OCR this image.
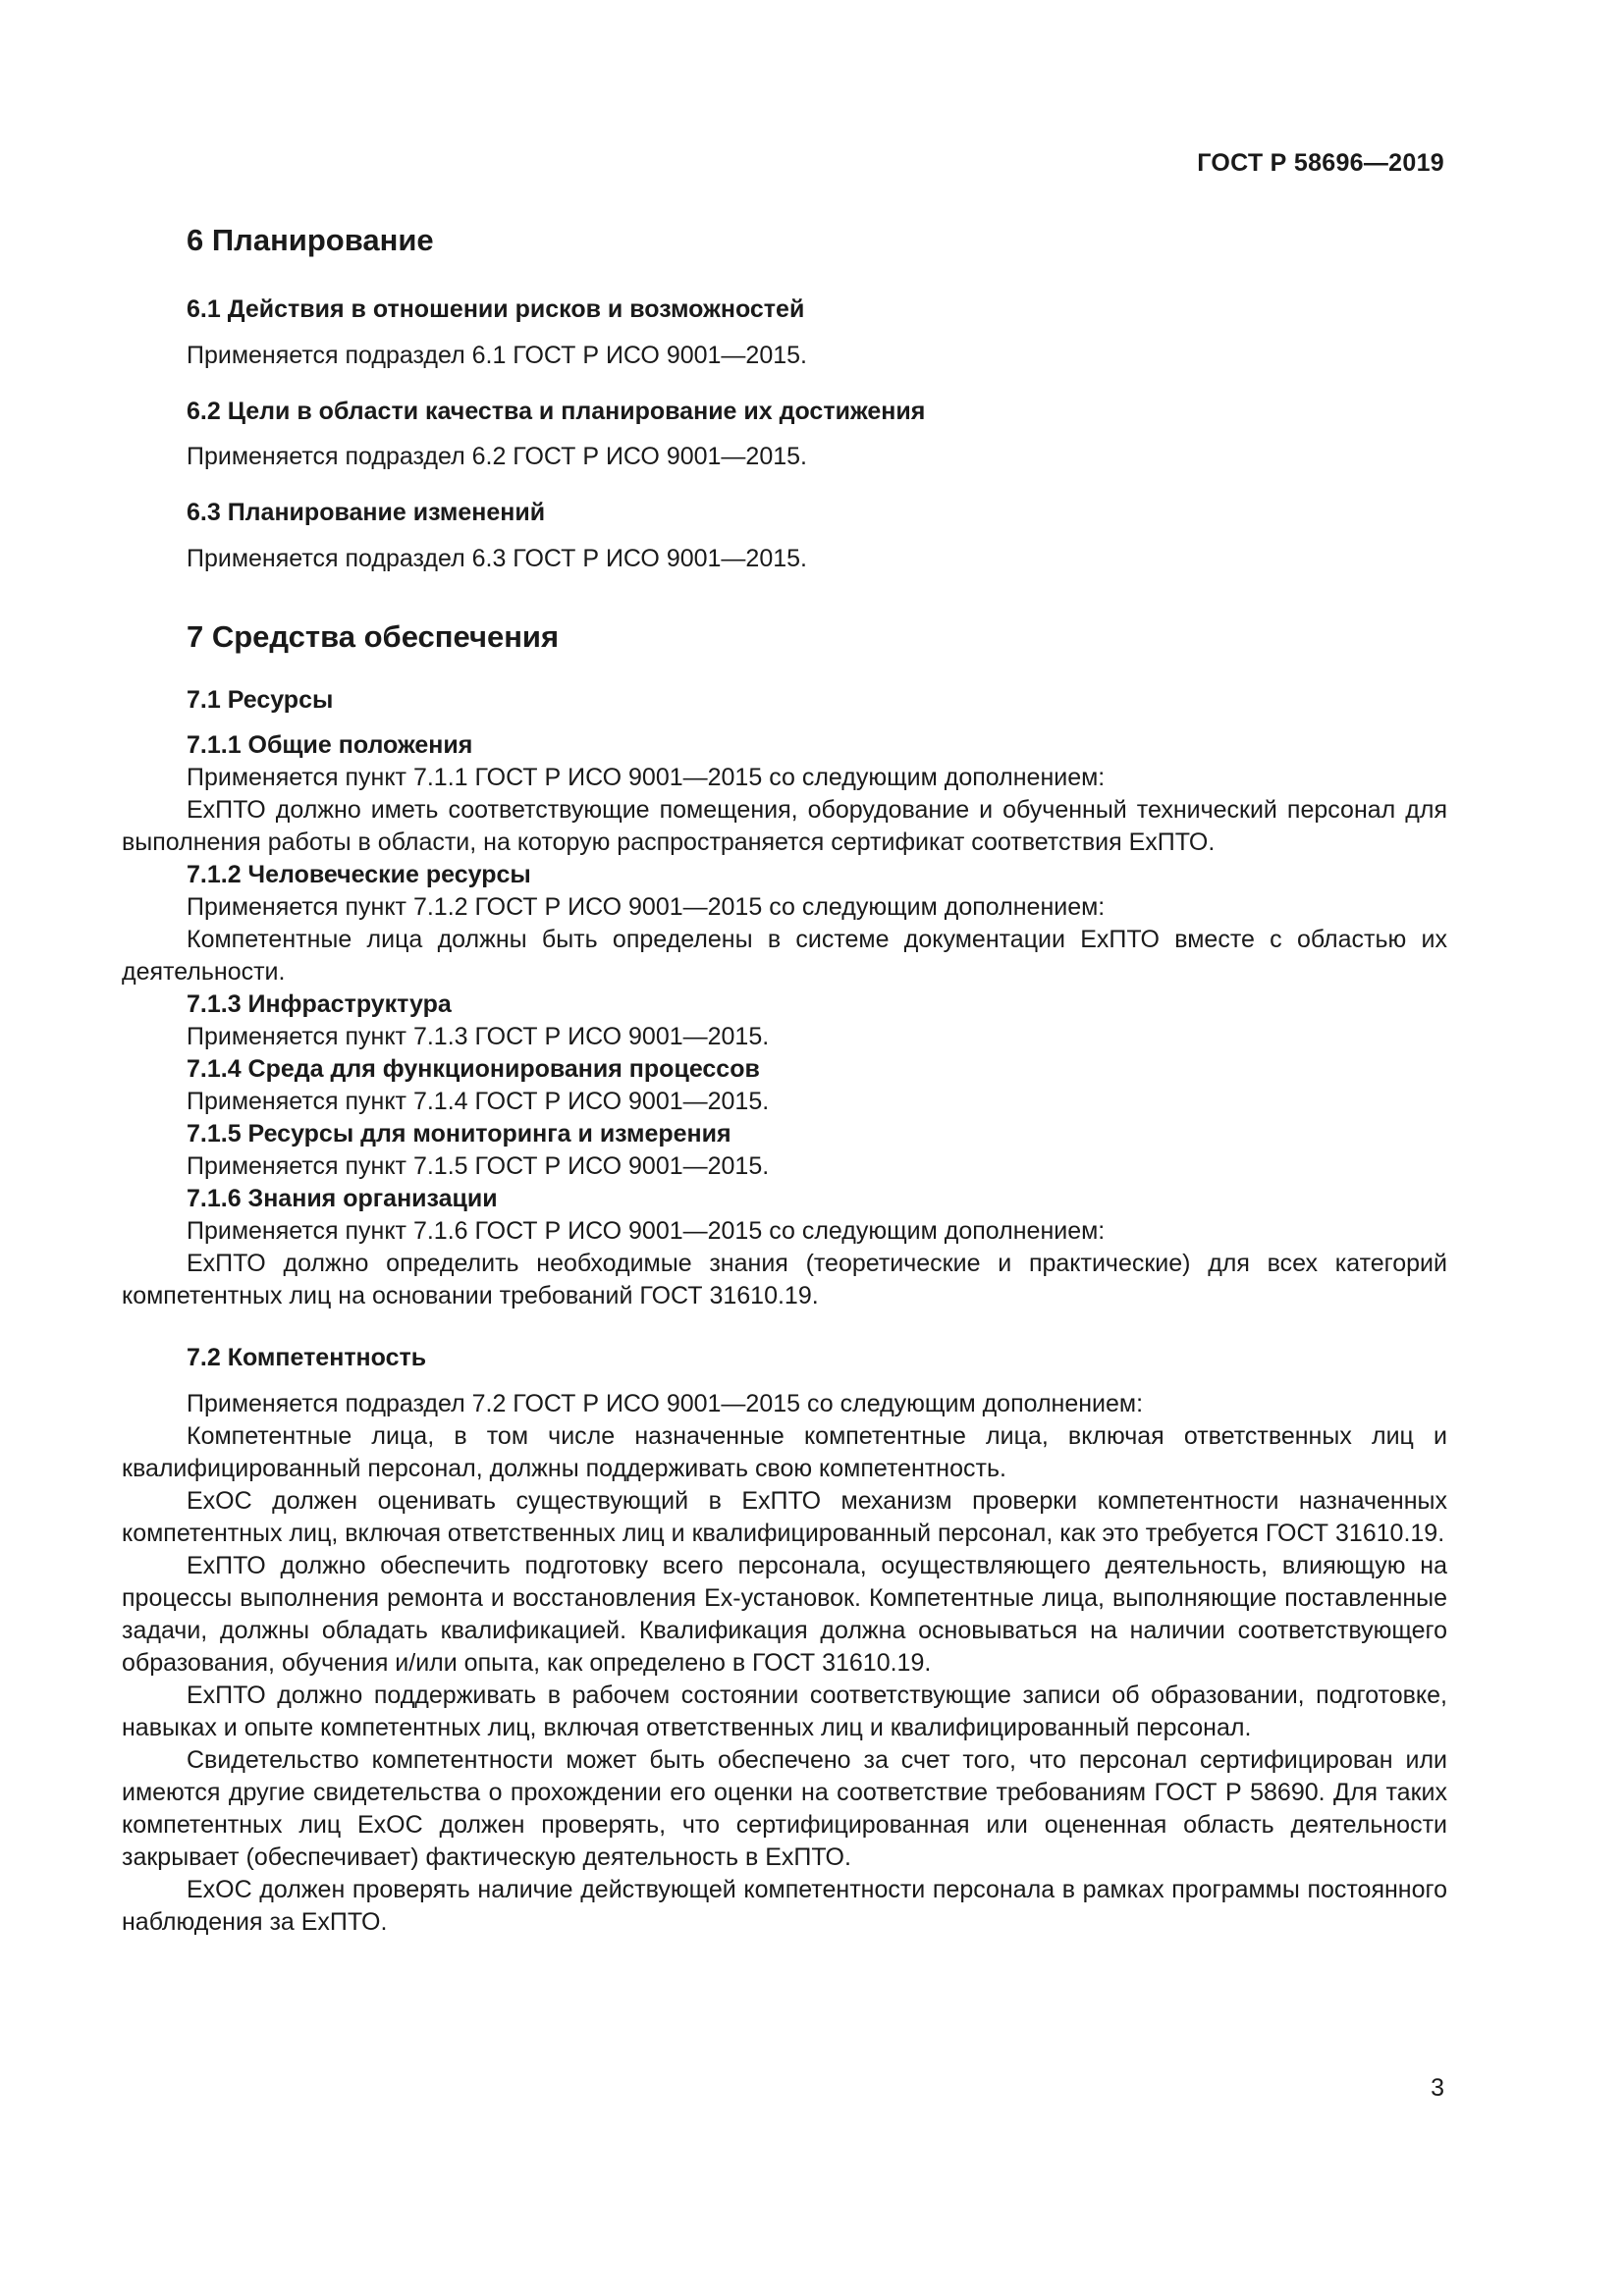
ГОСТ Р 58696—2019
6 Планирование
6.1 Действия в отношении рисков и возможностей

Применяется подраздел 6.1 ГОСТ Р ИСО 9001—2015.

6.2 Цели в области качества и планирование их достижения

Применяется подраздел 6.2 ГОСТ Р ИСО 9001—2015.

6.3 Планирование изменений

Применяется подраздел 6.3 ГОСТ Р ИСО 9001—2015.

7 Средства обеспечения
7.1 Ресурсы
7.1.1 Общие положения

Применяется пункт 7.1.1 ГОСТ Р ИСО 9001—2015 со следующим дополнением:

ExПТО должно иметь соответствующие помещения, оборудование и обученный технический персонал для выполнения работы в области, на которую распространяется сертификат соответствия ExПТО.

7.1.2 Человеческие ресурсы

Применяется пункт 7.1.2 ГОСТ Р ИСО 9001—2015 со следующим дополнением:

Компетентные лица должны быть определены в системе документации ExПТО вместе с областью их деятельности.

7.1.3 Инфраструктура

Применяется пункт 7.1.3 ГОСТ Р ИСО 9001—2015.

7.1.4 Среда для функционирования процессов

Применяется пункт 7.1.4 ГОСТ Р ИСО 9001—2015.

7.1.5 Ресурсы для мониторинга и измерения

Применяется пункт 7.1.5 ГОСТ Р ИСО 9001—2015.

7.1.6 Знания организации

Применяется пункт 7.1.6 ГОСТ Р ИСО 9001—2015 со следующим дополнением:

ExПТО должно определить необходимые знания (теоретические и практические) для всех категорий компетентных лиц на основании требований ГОСТ 31610.19.

7.2 Компетентность

Применяется подраздел 7.2 ГОСТ Р ИСО 9001—2015 со следующим дополнением:

Компетентные лица, в том числе назначенные компетентные лица, включая ответственных лиц и квалифицированный персонал, должны поддерживать свою компетентность.

ExОС должен оценивать существующий в ExПТО механизм проверки компетентности назначенных компетентных лиц, включая ответственных лиц и квалифицированный персонал, как это требуется ГОСТ 31610.19.

ExПТО должно обеспечить подготовку всего персонала, осуществляющего деятельность, влияющую на процессы выполнения ремонта и восстановления Ex-установок. Компетентные лица, выполняющие поставленные задачи, должны обладать квалификацией. Квалификация должна основываться на наличии соответствующего образования, обучения и/или опыта, как определено в ГОСТ 31610.19.

ExПТО должно поддерживать в рабочем состоянии соответствующие записи об образовании, подготовке, навыках и опыте компетентных лиц, включая ответственных лиц и квалифицированный персонал.

Свидетельство компетентности может быть обеспечено за счет того, что персонал сертифицирован или имеются другие свидетельства о прохождении его оценки на соответствие требованиям ГОСТ Р 58690. Для таких компетентных лиц ExОС должен проверять, что сертифицированная или оцененная область деятельности закрывает (обеспечивает) фактическую деятельность в ExПТО.

ExОС должен проверять наличие действующей компетентности персонала в рамках программы постоянного наблюдения за ExПТО.

3
